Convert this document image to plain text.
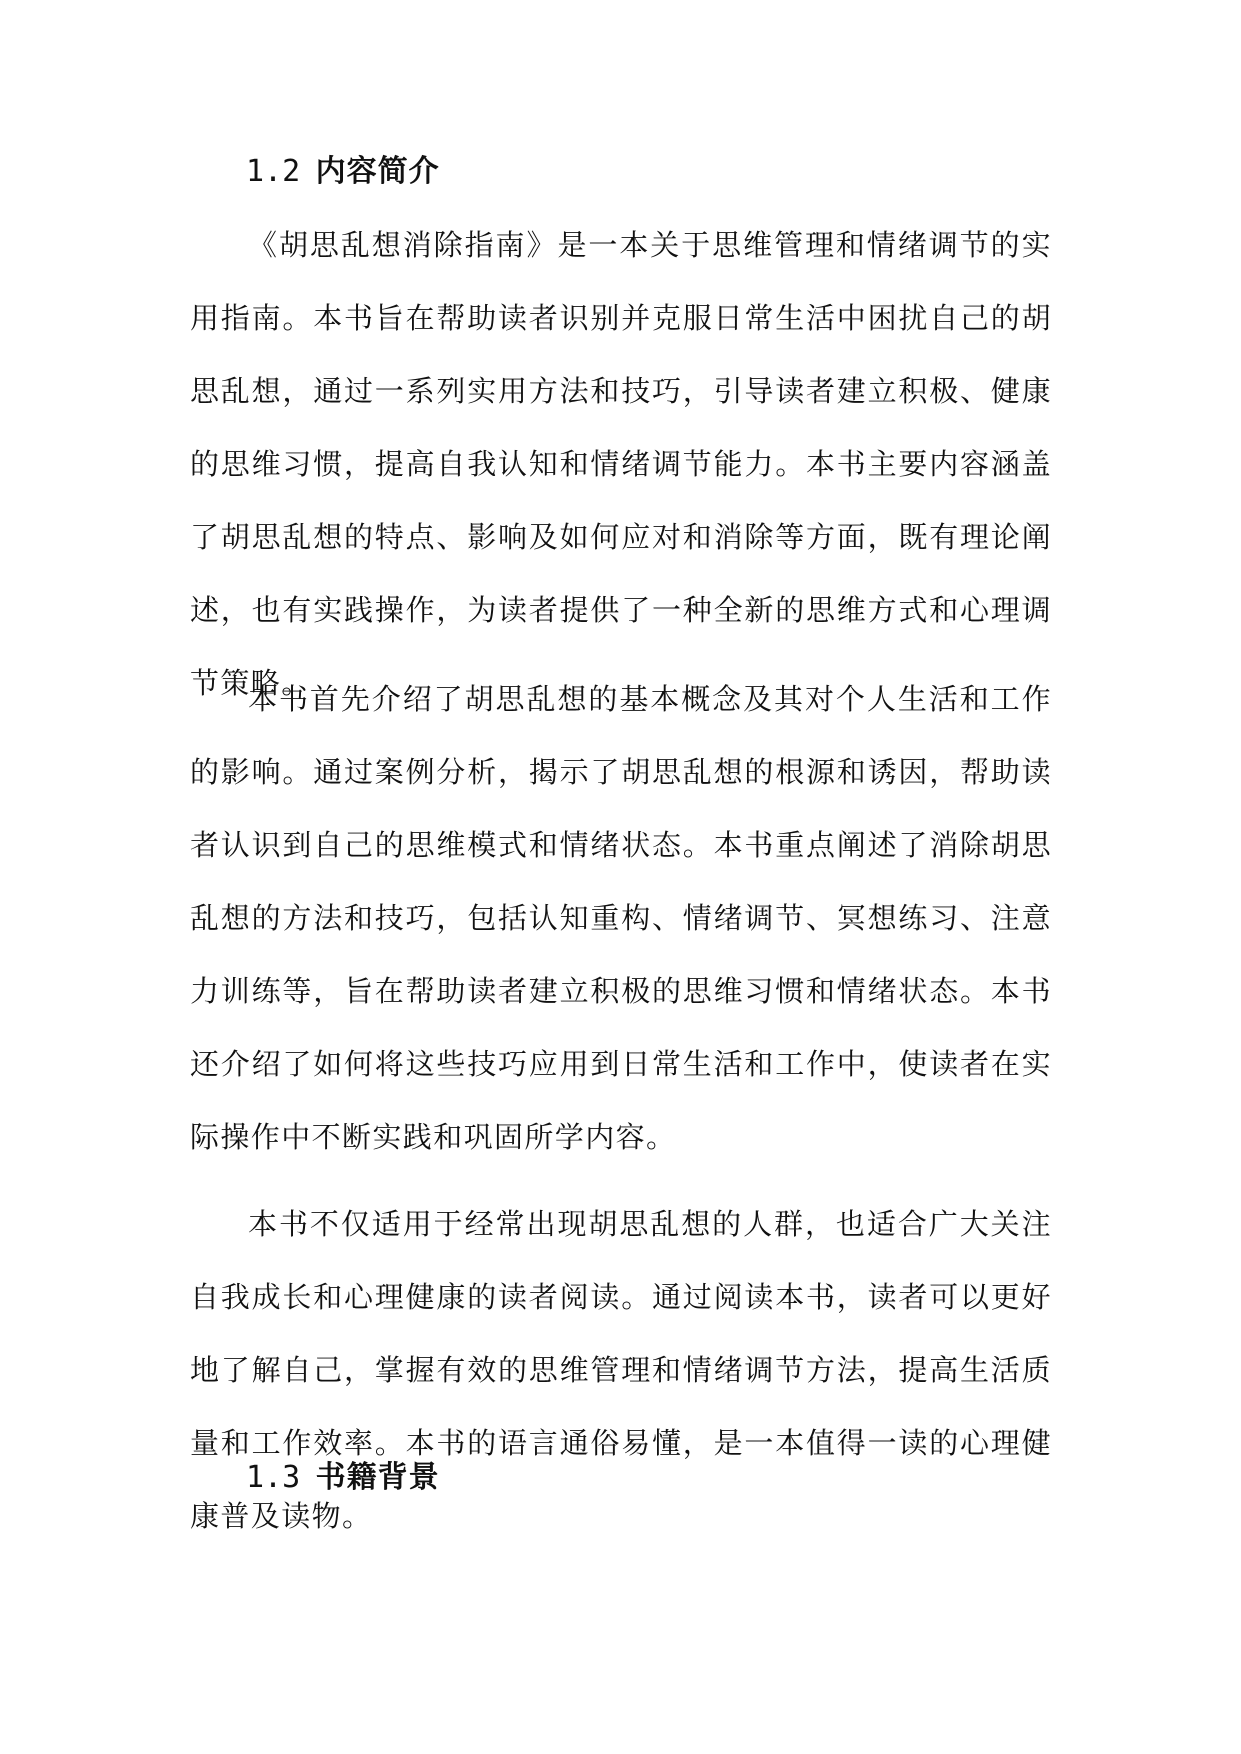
1.2 内容简介

《胡思乱想消除指南》是一本关于思维管理和情绪调节的实用指南。本书旨在帮助读者识别并克服日常生活中困扰自己的胡思乱想，通过一系列实用方法和技巧，引导读者建立积极、健康的思维习惯，提高自我认知和情绪调节能力。本书主要内容涵盖了胡思乱想的特点、影响及如何应对和消除等方面，既有理论阐述，也有实践操作，为读者提供了一种全新的思维方式和心理调节策略。

本书首先介绍了胡思乱想的基本概念及其对个人生活和工作的影响。通过案例分析，揭示了胡思乱想的根源和诱因，帮助读者认识到自己的思维模式和情绪状态。本书重点阐述了消除胡思乱想的方法和技巧，包括认知重构、情绪调节、冥想练习、注意力训练等，旨在帮助读者建立积极的思维习惯和情绪状态。本书还介绍了如何将这些技巧应用到日常生活和工作中，使读者在实际操作中不断实践和巩固所学内容。

本书不仅适用于经常出现胡思乱想的人群，也适合广大关注自我成长和心理健康的读者阅读。通过阅读本书，读者可以更好地了解自己，掌握有效的思维管理和情绪调节方法，提高生活质量和工作效率。本书的语言通俗易懂，是一本值得一读的心理健康普及读物。

1.3 书籍背景
